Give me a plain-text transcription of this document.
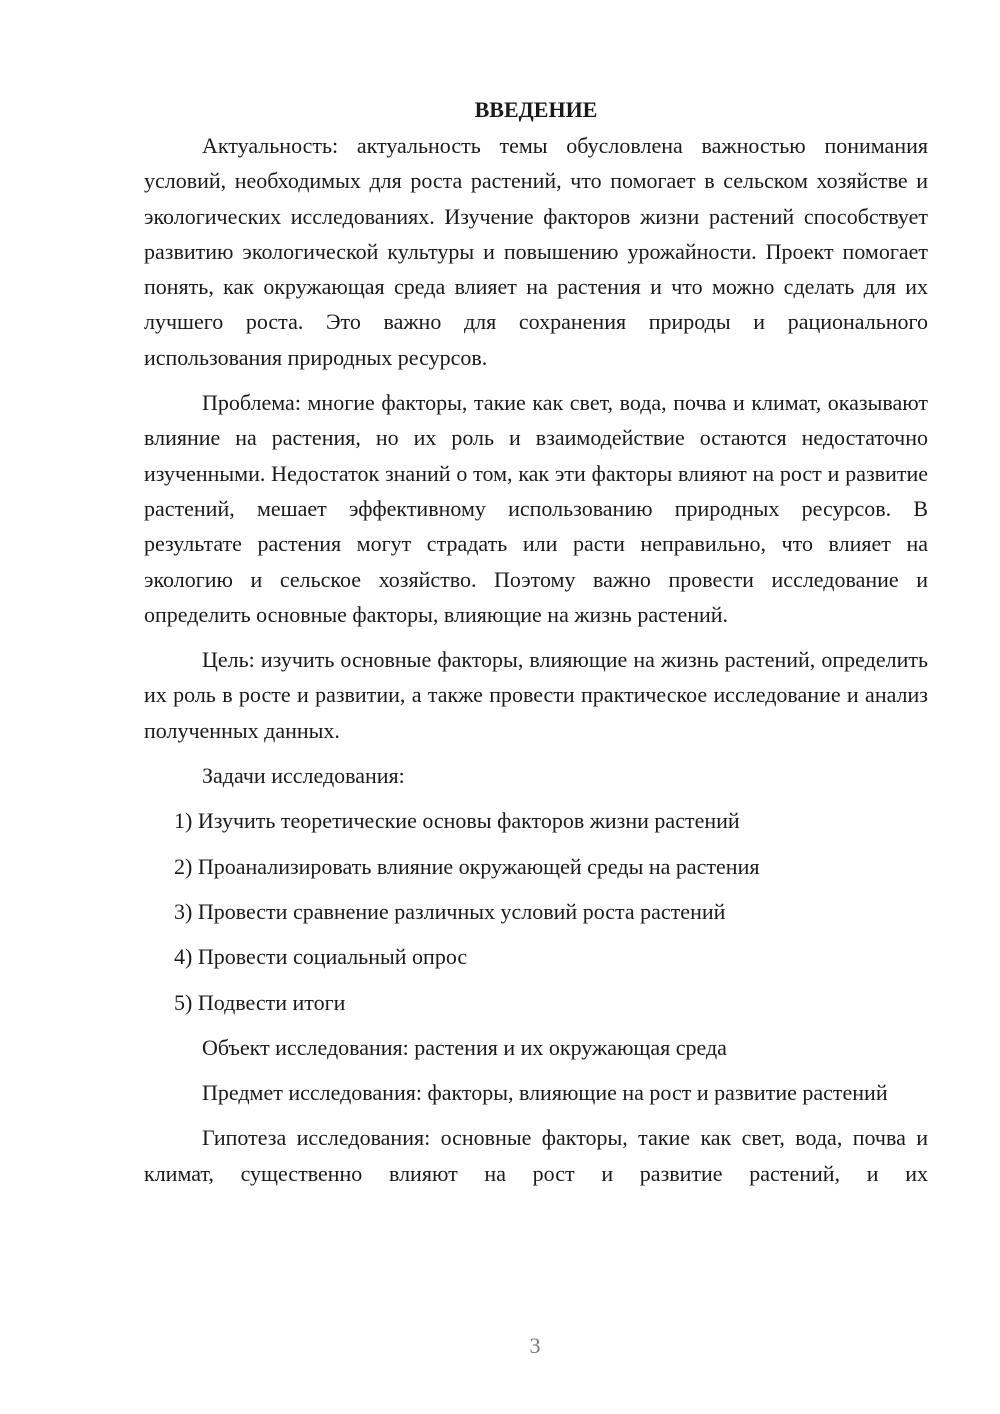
ВВЕДЕНИЕ

Актуальность: актуальность темы обусловлена важностью понимания условий, необходимых для роста растений, что помогает в сельском хозяйстве и экологических исследованиях. Изучение факторов жизни растений способствует развитию экологической культуры и повышению урожайности. Проект помогает понять, как окружающая среда влияет на растения и что можно сделать для их лучшего роста. Это важно для сохранения природы и рационального использования природных ресурсов.

Проблема: многие факторы, такие как свет, вода, почва и климат, оказывают влияние на растения, но их роль и взаимодействие остаются недостаточно изученными. Недостаток знаний о том, как эти факторы влияют на рост и развитие растений, мешает эффективному использованию природных ресурсов. В результате растения могут страдать или расти неправильно, что влияет на экологию и сельское хозяйство. Поэтому важно провести исследование и определить основные факторы, влияющие на жизнь растений.

Цель: изучить основные факторы, влияющие на жизнь растений, определить их роль в росте и развитии, а также провести практическое исследование и анализ полученных данных.

Задачи исследования:
1) Изучить теоретические основы факторов жизни растений
2) Проанализировать влияние окружающей среды на растения
3) Провести сравнение различных условий роста растений
4) Провести социальный опрос
5) Подвести итоги
Объект исследования: растения и их окружающая среда

Предмет исследования: факторы, влияющие на рост и развитие растений

Гипотеза исследования: основные факторы, такие как свет, вода, почва и климат, существенно влияют на рост и развитие растений, и их

3
